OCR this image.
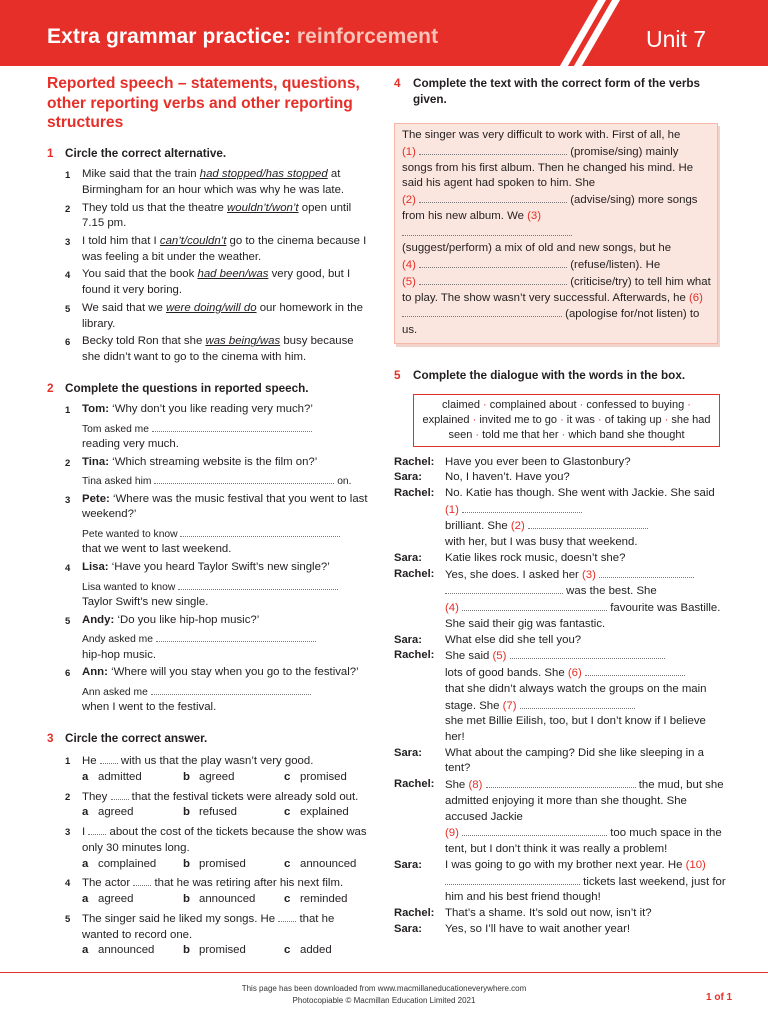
Extra grammar practice: reinforcement	Unit 7
Reported speech – statements, questions, other reporting verbs and other reporting structures
1 Circle the correct alternative.
1	Mike said that the train had stopped/has stopped at Birmingham for an hour which was why he was late.
2	They told us that the theatre wouldn’t/won’t open until 7.15 pm.
3	I told him that I can’t/couldn’t go to the cinema because I was feeling a bit under the weather.
4	You said that the book had been/was very good, but I found it very boring.
5	We said that we were doing/will do our homework in the library.
6	Becky told Ron that she was being/was busy because she didn’t want to go to the cinema with him.
2 Complete the questions in reported speech.
1	Tom: ‘Why don’t you like reading very much?’
Tom asked me
reading very much.
2	Tina: ‘Which streaming website is the film on?’
Tina asked him	on.
3	Pete: ‘Where was the music festival that you went to last weekend?’
Pete wanted to know
that we went to last weekend.
4	Lisa: ‘Have you heard Taylor Swift’s new single?’
Lisa wanted to know
Taylor Swift’s new single.
5	Andy: ‘Do you like hip-hop music?’
Andy asked me
hip-hop music.
6	Ann: ‘Where will you stay when you go to the festival?’
Ann asked me
when I went to the festival.
3 Circle the correct answer.
1	He  with us that the play wasn’t very good.
a admitted	b agreed	c promised
2	They  that the festival tickets were already sold out.
a agreed	b refused	c explained
3	I  about the cost of the tickets because the show was only 30 minutes long.
a complained b promised	c announced
4	The actor  that he was retiring after his next film.
a agreed	b announced	c reminded
5	The singer said he liked my songs. He  that he wanted to record one.
a announced	b promised	c added
4	Complete the text with the correct form of the verbs given.
The singer was very difficult to work with. First of all, he
(1)	(promise/sing) mainly songs from his first album. Then he changed his mind. He said his agent had spoken to him. She
(2)	(advise/sing) more songs from his new album. We (3)

(suggest/perform) a mix of old and new songs, but he
(4)	(refuse/listen). He
(5)	(criticise/try) to tell him what to play. The show wasn’t very successful. Afterwards, he (6)  (apologise for/not listen) to us.
5	Complete the dialogue with the words in the box.
claimed · complained about · confessed to buying · explained · invited me to go · it was · of taking up · she had seen · told me that her · which band she thought
Rachel: Have you ever been to Glastonbury?
Sara:	No, I haven’t. Have you?
Rachel: No. Katie has though. She went with Jackie. She said (1)
brilliant. She (2)
with her, but I was busy that weekend.
Sara:	Katie likes rock music, doesn’t she?
Rachel: Yes, she does. I asked her (3)
was the best. She
(4)	favourite was Bastille. She said their gig was fantastic.
Sara:	What else did she tell you?
Rachel: She said (5)
lots of good bands. She (6)
that she didn’t always watch the groups on the main stage. She (7)
she met Billie Eilish, too, but I don’t know if I believe her!
Sara:	What about the camping? Did she like sleeping in a tent?
Rachel: She (8)	the mud, but she admitted enjoying it more than she thought. She accused Jackie
(9)	too much space in the tent, but I don’t think it was really a problem!
Sara:	I was going to go with my brother next year. He (10)  tickets last weekend, just for him and his best friend though!
Rachel: That’s a shame. It’s sold out now, isn’t it?
Sara:	Yes, so I’ll have to wait another year!
This page has been downloaded from www.macmillaneducationeverywhere.com
Photocopiable © Macmillan Education Limited 2021	1 of 1
